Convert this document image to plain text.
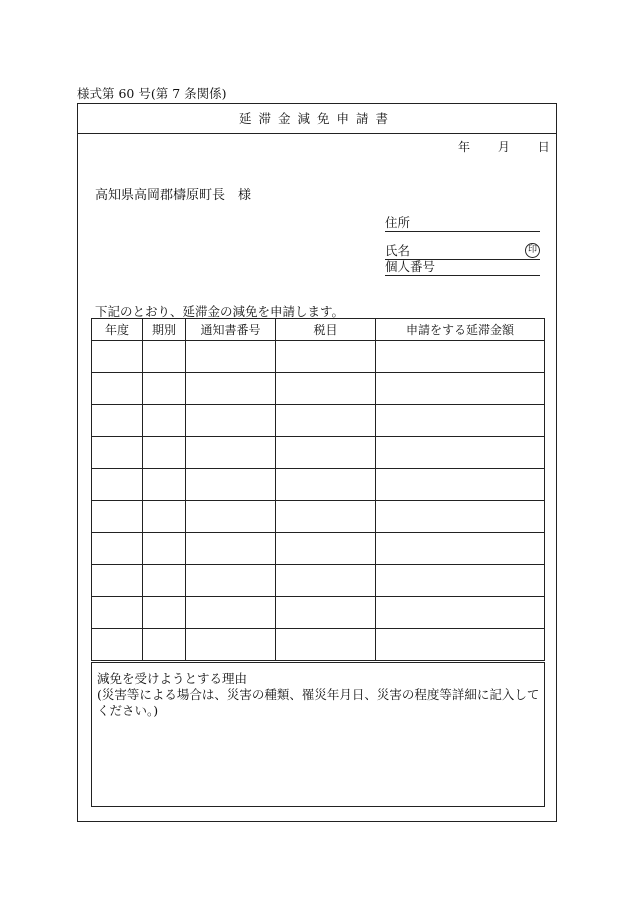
様式第 60 号(第 7 条関係)
延滞金減免申請書
年 月 日
高知県高岡郡檮原町長　様
住所
氏名	印
個人番号
下記のとおり、延滞金の減免を申請します。
年度	期別	通知書番号	税目	申請をする延滞金額

減免を受けようとする理由
(災害等による場合は、災害の種類、罹災年月日、災害の程度等詳細に記入してください。)
